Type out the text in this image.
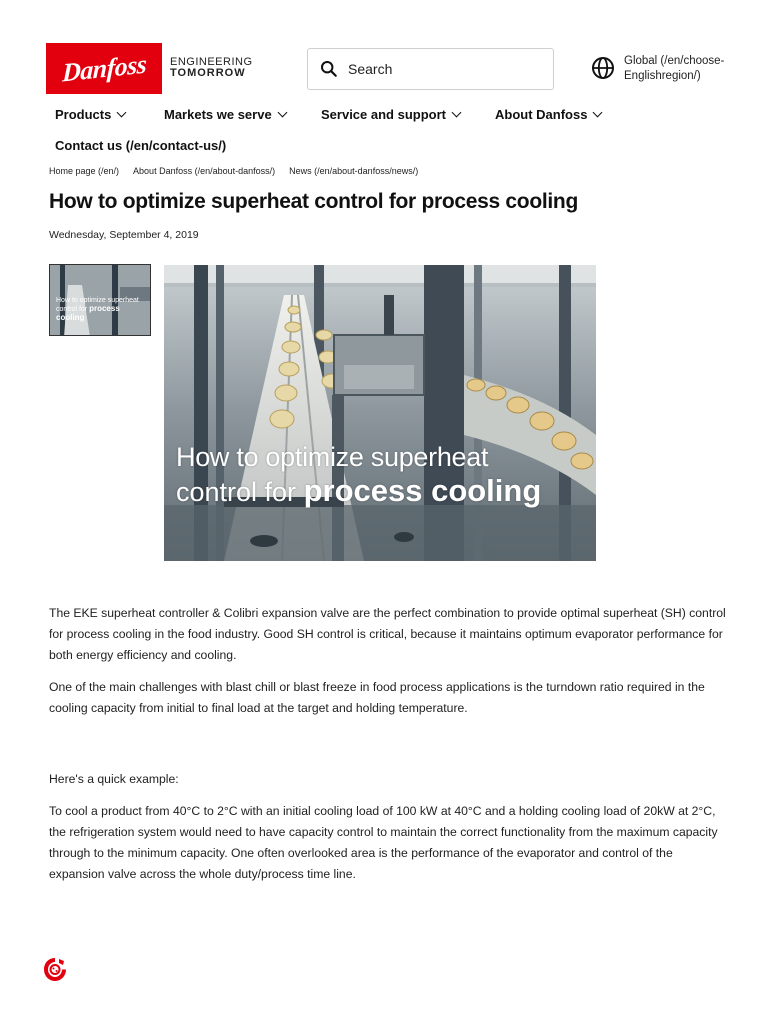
Danfoss ENGINEERING
TOMORROW	Search	Global (/en/choose-Englishregion/)
Products	Markets we serve	Service and support	About Danfoss
Contact us (/en/contact-us/)
Home page (/en/) About Danfoss (/en/about-danfoss/) News (/en/about-danfoss/news/)
How to optimize superheat control for process cooling
Wednesday, September 4, 2019
How to optimize superheat
control for process cooling
How to optimize superheat
control for process cooling

The EKE superheat controller & Colibri expansion valve are the perfect combination to provide optimal superheat (SH) control for process cooling in the food industry. Good SH control is critical, because it maintains optimum evaporator performance for both energy efficiency and cooling.

One of the main challenges with blast chill or blast freeze in food process applications is the turndown ratio required in the cooling capacity from initial to final load at the target and holding temperature.

Here's a quick example:

To cool a product from 40°C to 2°C with an initial cooling load of 100 kW at 40°C and a holding cooling load of 20kW at 2°C, the refrigeration system would need to have capacity control to maintain the correct functionality from the maximum capacity through to the minimum capacity. One often overlooked area is the performance of the evaporator and control of the expansion valve across the whole duty/process time line.
